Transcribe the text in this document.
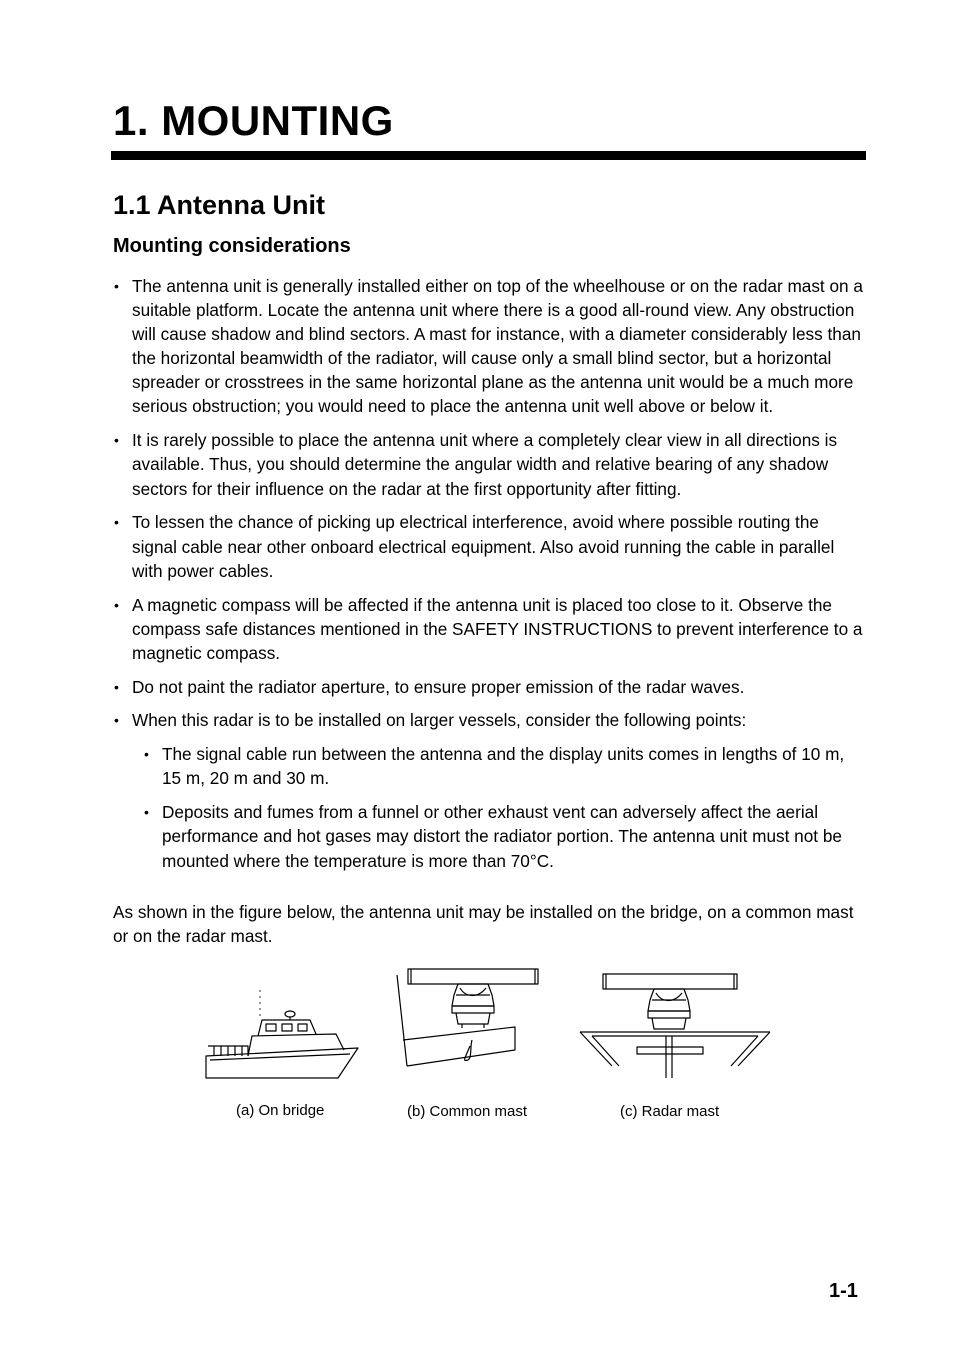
1. MOUNTING
1.1 Antenna Unit
Mounting considerations
• The antenna unit is generally installed either on top of the wheelhouse or on the radar mast on a suitable platform. Locate the antenna unit where there is a good all-round view. Any obstruction will cause shadow and blind sectors. A mast for instance, with a diameter considerably less than the horizontal beamwidth of the radiator, will cause only a small blind sector, but a horizontal spreader or crosstrees in the same horizontal plane as the antenna unit would be a much more serious obstruction; you would need to place the antenna unit well above or below it.
• It is rarely possible to place the antenna unit where a completely clear view in all directions is available. Thus, you should determine the angular width and relative bearing of any shadow sectors for their influence on the radar at the first opportunity after fitting.
• To lessen the chance of picking up electrical interference, avoid where possible routing the signal cable near other onboard electrical equipment. Also avoid running the cable in parallel with power cables.
• A magnetic compass will be affected if the antenna unit is placed too close to it. Observe the compass safe distances mentioned in the SAFETY INSTRUCTIONS to prevent interference to a magnetic compass.
• Do not paint the radiator aperture, to ensure proper emission of the radar waves.
• When this radar is to be installed on larger vessels, consider the following points:
• The signal cable run between the antenna and the display units comes in lengths of 10 m, 15 m, 20 m and 30 m.
• Deposits and fumes from a funnel or other exhaust vent can adversely affect the aerial performance and hot gases may distort the radiator portion. The antenna unit must not be mounted where the temperature is more than 70°C.

As shown in the figure below, the antenna unit may be installed on the bridge, on a common mast or on the radar mast.

(a) On bridge	(b) Common mast	(c) Radar mast
1-1
